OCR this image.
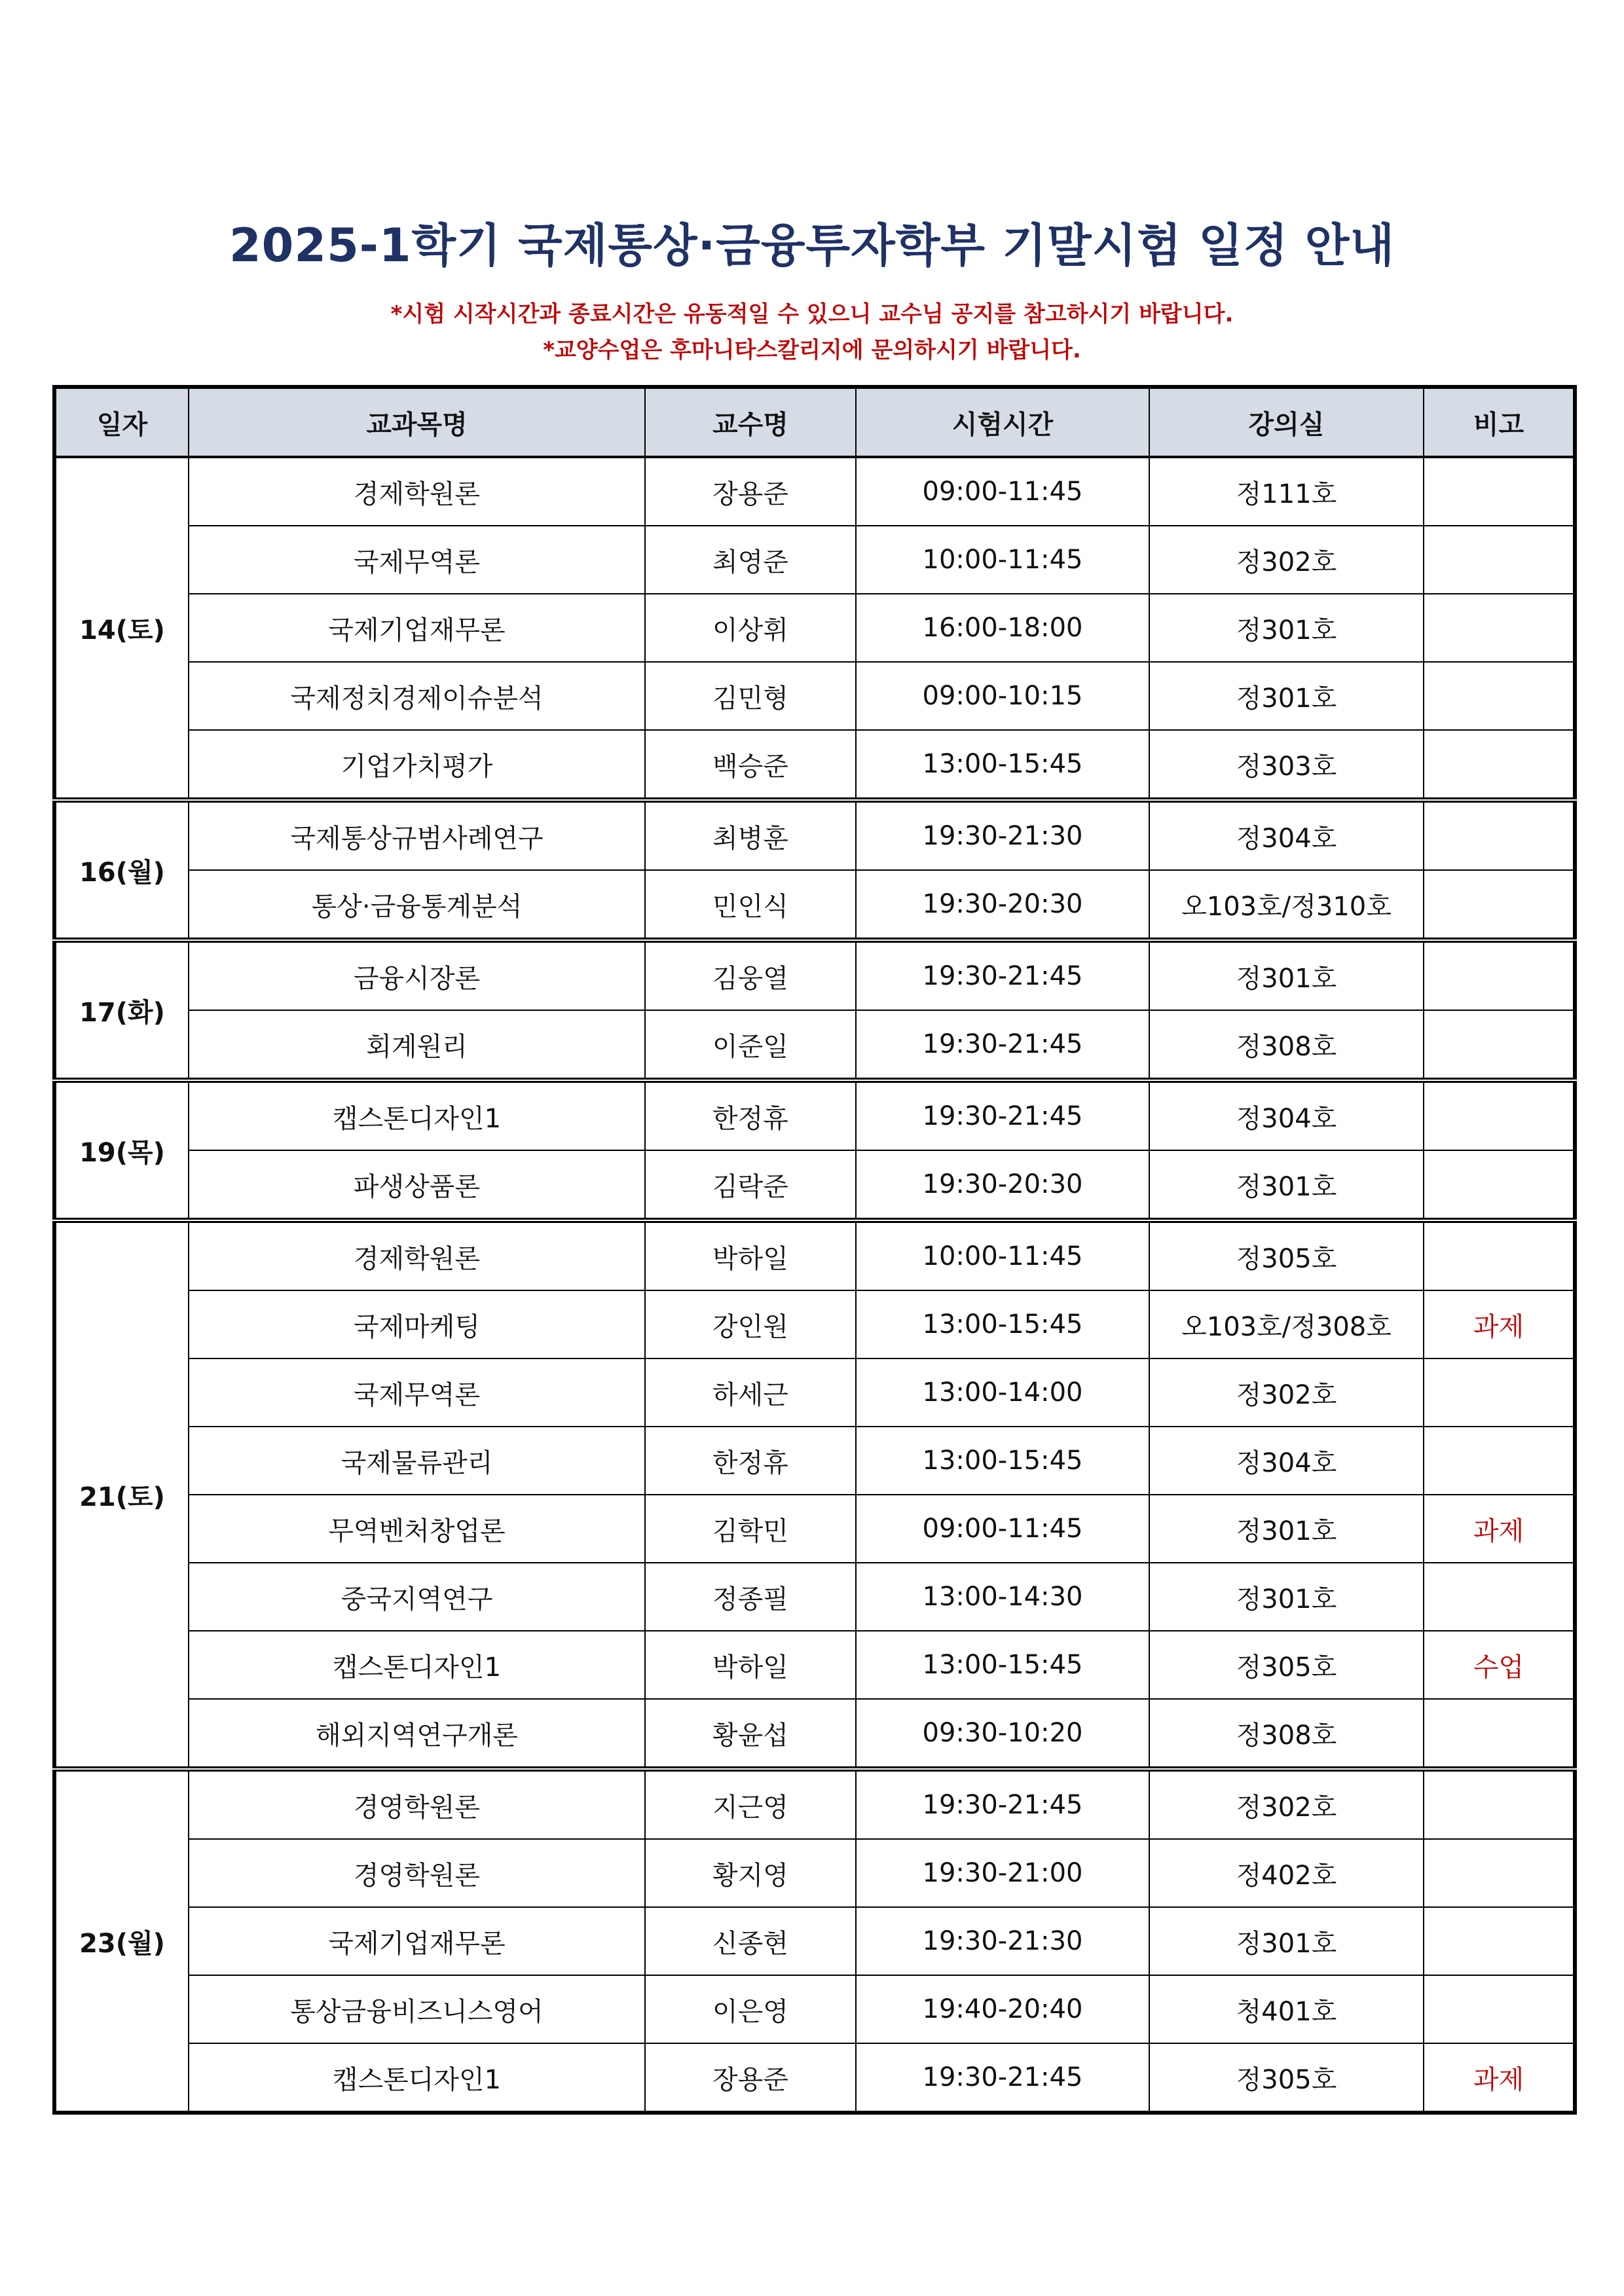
2025-1학기 국제통상·금융투자학부 기말시험 일정 안내
*시험 시작시간과 종료시간은 유동적일 수 있으니 교수님 공지를 참고하시기 바랍니다.
*교양수업은 후마니타스칼리지에 문의하시기 바랍니다.
일자	교과목명	교수명	시험시간	강의실	비고
14(토)	경제학원론	장용준	09:00-11:45	정111호	
	국제무역론	최영준	10:00-11:45	정302호	
	국제기업재무론	이상휘	16:00-18:00	정301호	
	국제정치경제이슈분석	김민형	09:00-10:15	정301호	
	기업가치평가	백승준	13:00-15:45	정303호	
16(월)	국제통상규범사례연구	최병훈	19:30-21:30	정304호	
	통상·금융통계분석	민인식	19:30-20:30	오103호/정310호	
17(화)	금융시장론	김웅열	19:30-21:45	정301호	
	회계원리	이준일	19:30-21:45	정308호	
19(목)	캡스톤디자인1	한정휴	19:30-21:45	정304호	
	파생상품론	김락준	19:30-20:30	정301호	
21(토)	경제학원론	박하일	10:00-11:45	정305호	
	국제마케팅	강인원	13:00-15:45	오103호/정308호	과제
	국제무역론	하세근	13:00-14:00	정302호	
	국제물류관리	한정휴	13:00-15:45	정304호	
	무역벤처창업론	김학민	09:00-11:45	정301호	과제
	중국지역연구	정종필	13:00-14:30	정301호	
	캡스톤디자인1	박하일	13:00-15:45	정305호	수업
	해외지역연구개론	황윤섭	09:30-10:20	정308호	
23(월)	경영학원론	지근영	19:30-21:45	정302호	
	경영학원론	황지영	19:30-21:00	정402호	
	국제기업재무론	신종현	19:30-21:30	정301호	
	통상금융비즈니스영어	이은영	19:40-20:40	청401호	
	캡스톤디자인1	장용준	19:30-21:45	정305호	과제
